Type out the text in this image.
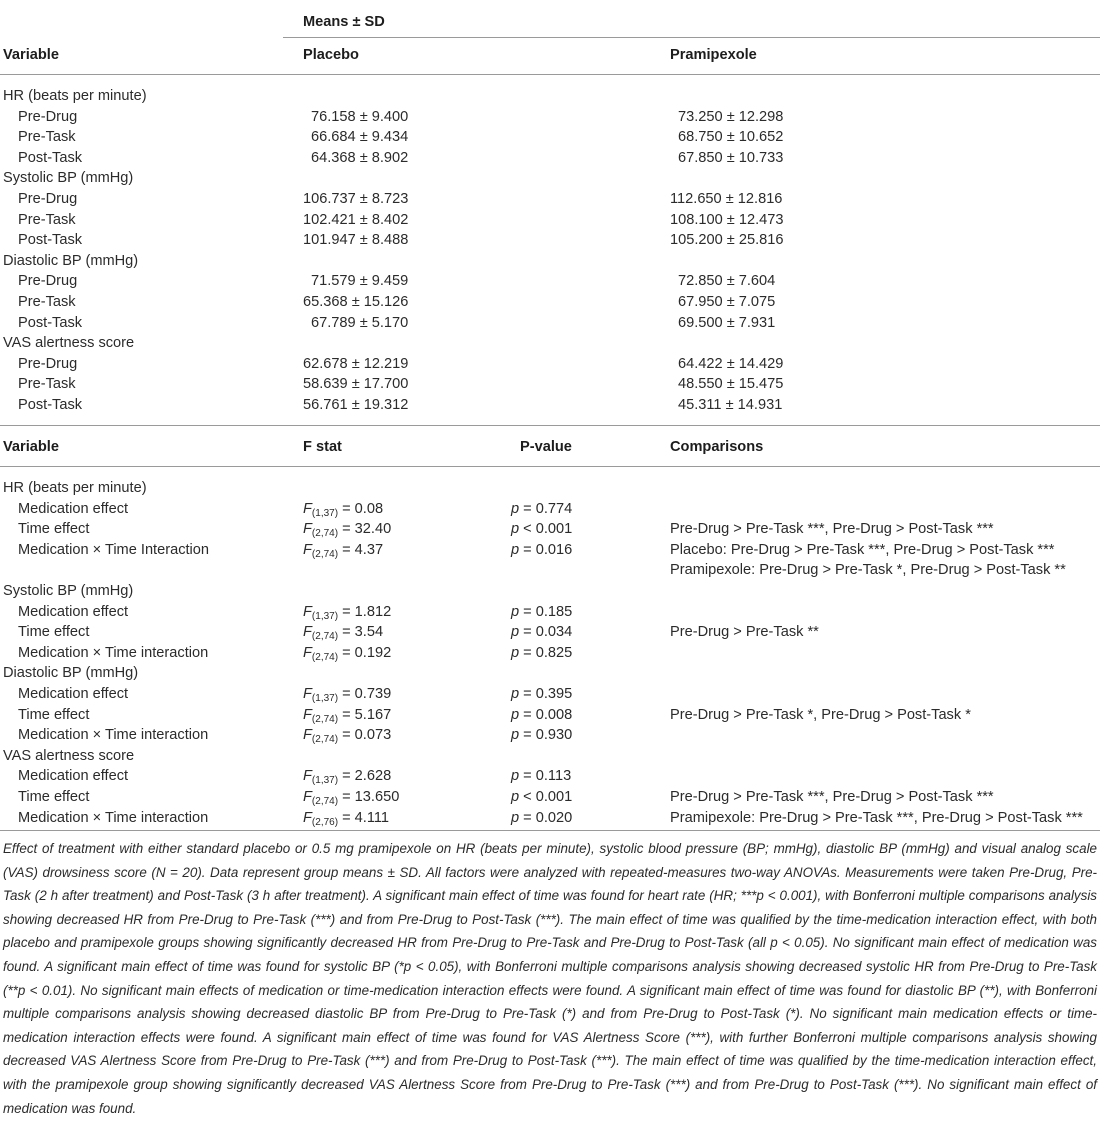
Means ± SD
Variable	Placebo	Pramipexole
HR (beats per minute)
Pre-Drug	76.158 ± 9.400	73.250 ± 12.298
Pre-Task	66.684 ± 9.434	68.750 ± 10.652
Post-Task	64.368 ± 8.902	67.850 ± 10.733
Systolic BP (mmHg)
Pre-Drug	106.737 ± 8.723	112.650 ± 12.816
Pre-Task	102.421 ± 8.402	108.100 ± 12.473
Post-Task	101.947 ± 8.488	105.200 ± 25.816
Diastolic BP (mmHg)
Pre-Drug	71.579 ± 9.459	72.850 ± 7.604
Pre-Task	65.368 ± 15.126	67.950 ± 7.075
Post-Task	67.789 ± 5.170	69.500 ± 7.931
VAS alertness score
Pre-Drug	62.678 ± 12.219	64.422 ± 14.429
Pre-Task	58.639 ± 17.700	48.550 ± 15.475
Post-Task	56.761 ± 19.312	45.311 ± 14.931
Variable	F stat	P-value	Comparisons
HR (beats per minute)
Medication effect	$F_{(1,37)} = 0.08$	p = 0.774
Time effect	$F_{(2,74)} = 32.40$	p < 0.001	Pre-Drug > Pre-Task ***, Pre-Drug > Post-Task ***
Medication × Time Interaction	$F_{(2,74)} = 4.37$	p = 0.016	Placebo: Pre-Drug > Pre-Task ***, Pre-Drug > Post-Task ***
Pramipexole: Pre-Drug > Pre-Task *, Pre-Drug > Post-Task **
Systolic BP (mmHg)
Medication effect	$F_{(1,37)} = 1.812$	p = 0.185
Time effect	$F_{(2,74)} = 3.54$	p = 0.034	Pre-Drug > Pre-Task **
Medication × Time interaction	$F_{(2,74)} = 0.192$	p = 0.825
Diastolic BP (mmHg)
Medication effect	$F_{(1,37)} = 0.739$	p = 0.395
Time effect	$F_{(2,74)} = 5.167$	p = 0.008	Pre-Drug > Pre-Task *, Pre-Drug > Post-Task *
Medication × Time interaction	$F_{(2,74)} = 0.073$	p = 0.930
VAS alertness score
Medication effect	$F_{(1,37)} = 2.628$	p = 0.113
Time effect	$F_{(2,74)} = 13.650$	p < 0.001	Pre-Drug > Pre-Task ***, Pre-Drug > Post-Task ***
Medication × Time interaction	$F_{(2,76)} = 4.111$	p = 0.020	Pramipexole: Pre-Drug > Pre-Task ***, Pre-Drug > Post-Task ***
Effect of treatment with either standard placebo or 0.5 mg pramipexole on HR (beats per minute), systolic blood pressure (BP; mmHg), diastolic BP (mmHg) and visual analog scale (VAS) drowsiness score (N = 20). Data represent group means ± SD. All factors were analyzed with repeated-measures two-way ANOVAs. Measurements were taken Pre-Drug, Pre-Task (2 h after treatment) and Post-Task (3 h after treatment). A significant main effect of time was found for heart rate (HR; ***p < 0.001), with Bonferroni multiple comparisons analysis showing decreased HR from Pre-Drug to Pre-Task (***) and from Pre-Drug to Post-Task (***). The main effect of time was qualified by the time-medication interaction effect, with both placebo and pramipexole groups showing significantly decreased HR from Pre-Drug to Pre-Task and Pre-Drug to Post-Task (all p < 0.05). No significant main effect of medication was found. A significant main effect of time was found for systolic BP (*p < 0.05), with Bonferroni multiple comparisons analysis showing decreased systolic HR from Pre-Drug to Pre-Task (**p < 0.01). No significant main effects of medication or time-medication interaction effects were found. A significant main effect of time was found for diastolic BP (**), with Bonferroni multiple comparisons analysis showing decreased diastolic BP from Pre-Drug to Pre-Task (*) and from Pre-Drug to Post-Task (*). No significant main medication effects or time-medication interaction effects were found. A significant main effect of time was found for VAS Alertness Score (***), with further Bonferroni multiple comparisons analysis showing decreased VAS Alertness Score from Pre-Drug to Pre-Task (***) and from Pre-Drug to Post-Task (***). The main effect of time was qualified by the time-medication interaction effect, with the pramipexole group showing significantly decreased VAS Alertness Score from Pre-Drug to Pre-Task (***) and from Pre-Drug to Post-Task (***). No significant main effect of medication was found.
